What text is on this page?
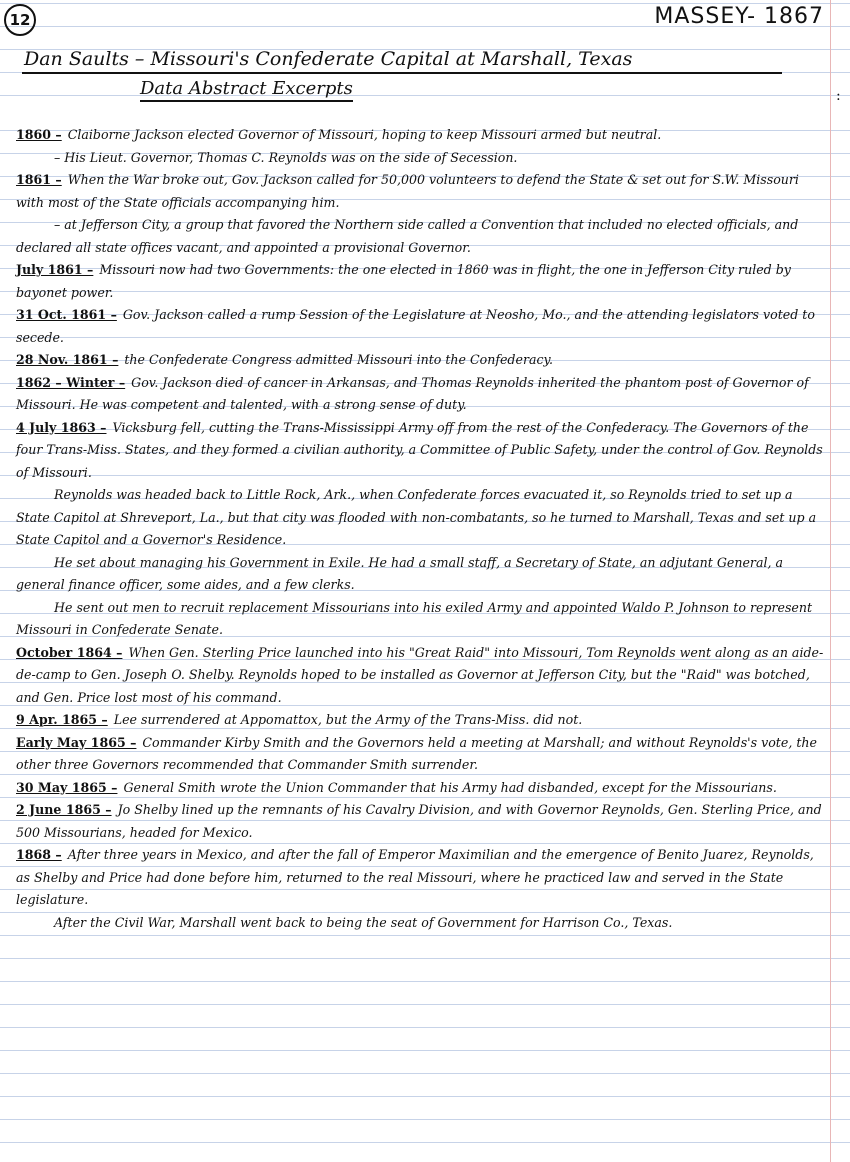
12	MASSEY- 1867
Dan Saults – Missouri's Confederate Capital at Marshall, Texas
Data Abstract Excerpts	:

1860 – Claiborne Jackson elected Governor of Missouri, hoping to keep Missouri armed but neutral.

– His Lieut. Governor, Thomas C. Reynolds was on the side of Secession.

1861 – When the War broke out, Gov. Jackson called for 50,000 volunteers to defend the State & set out for S.W. Missouri with most of the State officials accompanying him.

– at Jefferson City, a group that favored the Northern side called a Convention that included no elected officials, and declared all state offices vacant, and appointed a provisional Governor.

July 1861 – Missouri now had two Governments: the one elected in 1860 was in flight, the one in Jefferson City ruled by bayonet power.

31 Oct. 1861 – Gov. Jackson called a rump Session of the Legislature at Neosho, Mo., and the attending legislators voted to secede.

28 Nov. 1861 – the Confederate Congress admitted Missouri into the Confederacy.

1862 – Winter – Gov. Jackson died of cancer in Arkansas, and Thomas Reynolds inherited the phantom post of Governor of Missouri. He was competent and talented, with a strong sense of duty.

4 July 1863 – Vicksburg fell, cutting the Trans-Mississippi Army off from the rest of the Confederacy. The Governors of the four Trans-Miss. States, and they formed a civilian authority, a Committee of Public Safety, under the control of Gov. Reynolds of Missouri.

Reynolds was headed back to Little Rock, Ark., when Confederate forces evacuated it, so Reynolds tried to set up a State Capitol at Shreveport, La., but that city was flooded with non-combatants, so he turned to Marshall, Texas and set up a State Capitol and a Governor's Residence.

He set about managing his Government in Exile. He had a small staff, a Secretary of State, an adjutant General, a general finance officer, some aides, and a few clerks.

He sent out men to recruit replacement Missourians into his exiled Army and appointed Waldo P. Johnson to represent Missouri in Confederate Senate.

October 1864 – When Gen. Sterling Price launched into his "Great Raid" into Missouri, Tom Reynolds went along as an aide-de-camp to Gen. Joseph O. Shelby. Reynolds hoped to be installed as Governor at Jefferson City, but the "Raid" was botched, and Gen. Price lost most of his command.

9 Apr. 1865 – Lee surrendered at Appomattox, but the Army of the Trans-Miss. did not.

Early May 1865 – Commander Kirby Smith and the Governors held a meeting at Marshall; and without Reynolds's vote, the other three Governors recommended that Commander Smith surrender.

30 May 1865 – General Smith wrote the Union Commander that his Army had disbanded, except for the Missourians.

2 June 1865 – Jo Shelby lined up the remnants of his Cavalry Division, and with Governor Reynolds, Gen. Sterling Price, and 500 Missourians, headed for Mexico.

1868 – After three years in Mexico, and after the fall of Emperor Maximilian and the emergence of Benito Juarez, Reynolds, as Shelby and Price had done before him, returned to the real Missouri, where he practiced law and served in the State legislature.

After the Civil War, Marshall went back to being the seat of Government for Harrison Co., Texas.
